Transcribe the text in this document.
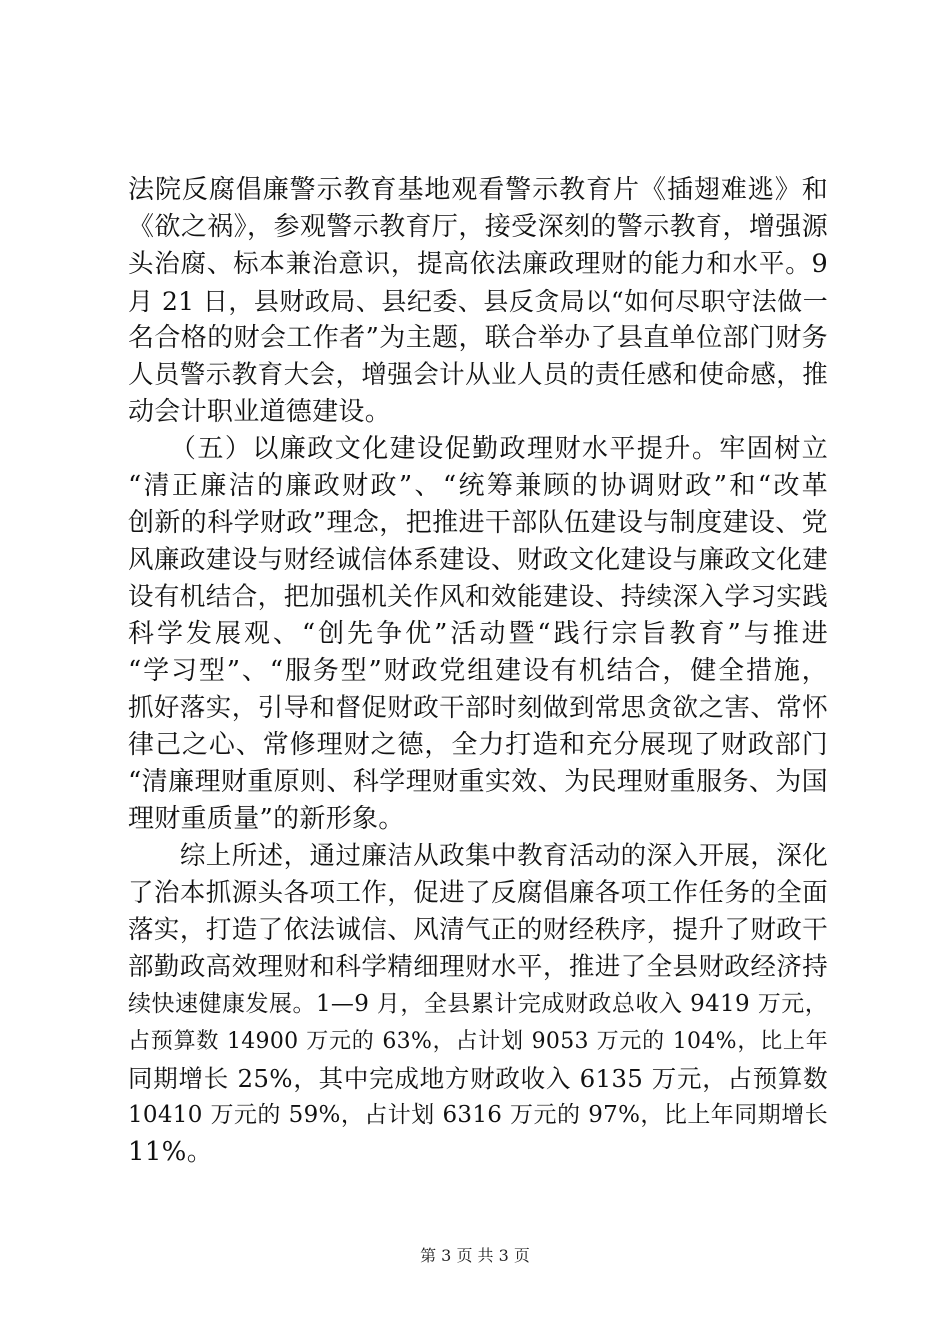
法院反腐倡廉警示教育基地观看警示教育片《插翅难逃》和
《欲之祸》，参观警示教育厅，接受深刻的警示教育，增强源
头治腐、标本兼治意识，提高依法廉政理财的能力和水平。9
月 21 日，县财政局、县纪委、县反贪局以“如何尽职守法做一
名合格的财会工作者”为主题，联合举办了县直单位部门财务
人员警示教育大会，增强会计从业人员的责任感和使命感，推
动会计职业道德建设。
　　（五）以廉政文化建设促勤政理财水平提升。牢固树立
“清正廉洁的廉政财政”、“统筹兼顾的协调财政”和“改革
创新的科学财政”理念，把推进干部队伍建设与制度建设、党
风廉政建设与财经诚信体系建设、财政文化建设与廉政文化建
设有机结合，把加强机关作风和效能建设、持续深入学习实践
科学发展观、“创先争优”活动暨“践行宗旨教育”与推进
“学习型”、“服务型”财政党组建设有机结合，健全措施，
抓好落实，引导和督促财政干部时刻做到常思贪欲之害、常怀
律己之心、常修理财之德，全力打造和充分展现了财政部门
“清廉理财重原则、科学理财重实效、为民理财重服务、为国
理财重质量”的新形象。
　　综上所述，通过廉洁从政集中教育活动的深入开展，深化
了治本抓源头各项工作，促进了反腐倡廉各项工作任务的全面
落实，打造了依法诚信、风清气正的财经秩序，提升了财政干
部勤政高效理财和科学精细理财水平，推进了全县财政经济持
续快速健康发展。1—9 月，全县累计完成财政总收入 9419 万元，
占预算数 14900 万元的 63%，占计划 9053 万元的 104%，比上年
同期增长 25%，其中完成地方财政收入 6135 万元，占预算数
10410 万元的 59%，占计划 6316 万元的 97%，比上年同期增长
11%。
第 3 页 共 3 页
